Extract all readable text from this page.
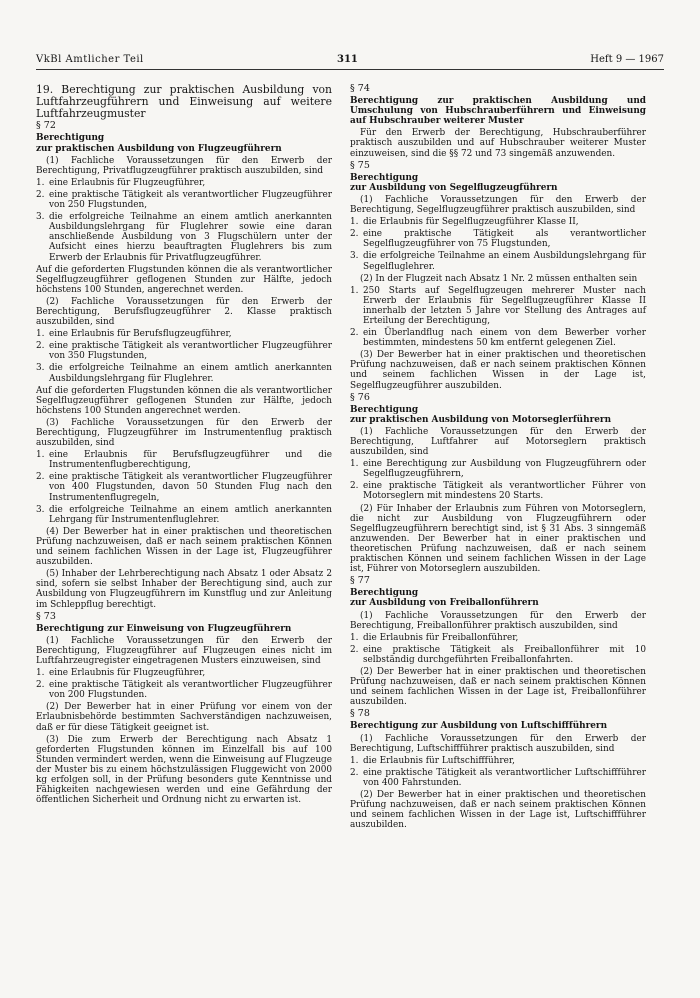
VkBl Amtlicher Teil	311	Heft 9 — 1967

19. Berechtigung zur praktischen Ausbildung von Luftfahrzeugführern und Einweisung auf weitere Luftfahrzeugmuster

§ 72

Berechtigung
zur praktischen Ausbildung von Flugzeugführern

(1) Fachliche Voraussetzungen für den Erwerb der Berechtigung, Privatflugzeugführer praktisch auszubilden, sind

1. eine Erlaubnis für Flugzeugführer,
2. eine praktische Tätigkeit als verantwortlicher Flugzeugführer von 250 Flugstunden,
3. die erfolgreiche Teilnahme an einem amtlich anerkannten Ausbildungslehrgang für Fluglehrer sowie eine daran anschließende Ausbildung von 3 Flugschülern unter der Aufsicht eines hierzu beauftragten Fluglehrers bis zum Erwerb der Erlaubnis für Privatflugzeugführer.

Auf die geforderten Flugstunden können die als verantwortlicher Segelflugzeugführer geflogenen Stunden zur Hälfte, jedoch höchstens 100 Stunden, angerechnet werden.

(2) Fachliche Voraussetzungen für den Erwerb der Berechtigung, Berufsflugzeugführer 2. Klasse praktisch auszubilden, sind

1. eine Erlaubnis für Berufsflugzeugführer,
2. eine praktische Tätigkeit als verantwortlicher Flugzeugführer von 350 Flugstunden,
3. die erfolgreiche Teilnahme an einem amtlich anerkannten Ausbildungslehrgang für Fluglehrer.

Auf die geforderten Flugstunden können die als verantwortlicher Segelflugzeugführer geflogenen Stunden zur Hälfte, jedoch höchstens 100 Stunden angerechnet werden.

(3) Fachliche Voraussetzungen für den Erwerb der Berechtigung, Flugzeugführer im Instrumentenflug praktisch auszubilden, sind

1. eine Erlaubnis für Berufsflugzeugführer und die Instrumentenflugberechtigung,
2. eine praktische Tätigkeit als verantwortlicher Flugzeugführer von 400 Flugstunden, davon 50 Stunden Flug nach den Instrumentenflugregeln,
3. die erfolgreiche Teilnahme an einem amtlich anerkannten Lehrgang für Instrumentenfluglehrer.

(4) Der Bewerber hat in einer praktischen und theoretischen Prüfung nachzuweisen, daß er nach seinem praktischen Können und seinem fachlichen Wissen in der Lage ist, Flugzeugführer auszubilden.

(5) Inhaber der Lehrberechtigung nach Absatz 1 oder Absatz 2 sind, sofern sie selbst Inhaber der Berechtigung sind, auch zur Ausbildung von Flugzeugführern im Kunstflug und zur Anleitung im Schleppflug berechtigt.

§ 73

Berechtigung zur Einweisung von Flugzeugführern

(1) Fachliche Voraussetzungen für den Erwerb der Berechtigung, Flugzeugführer auf Flugzeugen eines nicht im Luftfahrzeugregister eingetragenen Musters einzuweisen, sind

1. eine Erlaubnis für Flugzeugführer,
2. eine praktische Tätigkeit als verantwortlicher Flugzeugführer von 200 Flugstunden.

(2) Der Bewerber hat in einer Prüfung vor einem von der Erlaubnisbehörde bestimmten Sachverständigen nachzuweisen, daß er für diese Tätigkeit geeignet ist.

(3) Die zum Erwerb der Berechtigung nach Absatz 1 geforderten Flugstunden können im Einzelfall bis auf 100 Stunden vermindert werden, wenn die Einweisung auf Flugzeuge der Muster bis zu einem höchstzulässigen Fluggewicht von 2000 kg erfolgen soll, in der Prüfung besonders gute Kenntnisse und Fähigkeiten nachgewiesen werden und eine Gefährdung der öffentlichen Sicherheit und Ordnung nicht zu erwarten ist.

§ 74

Berechtigung zur praktischen Ausbildung und Umschulung von Hubschrauberführern und Einweisung auf Hubschrauber weiterer Muster

Für den Erwerb der Berechtigung, Hubschrauberführer praktisch auszubilden und auf Hubschrauber weiterer Muster einzuweisen, sind die §§ 72 und 73 singemäß anzuwenden.

§ 75

Berechtigung
zur Ausbildung von Segelflugzeugführern

(1) Fachliche Voraussetzungen für den Erwerb der Berechtigung, Segelflugzeugführer praktisch auszubilden, sind

1. die Erlaubnis für Segelflugzeugführer Klasse II,
2. eine praktische Tätigkeit als verantwortlicher Segelflugzeugführer von 75 Flugstunden,
3. die erfolgreiche Teilnahme an einem Ausbildungslehrgang für Segelfluglehrer.

(2) In der Flugzeit nach Absatz 1 Nr. 2 müssen enthalten sein

1. 250 Starts auf Segelflugzeugen mehrerer Muster nach Erwerb der Erlaubnis für Segelflugzeugführer Klasse II innerhalb der letzten 5 Jahre vor Stellung des Antrages auf Erteilung der Berechtigung,
2. ein Überlandflug nach einem von dem Bewerber vorher bestimmten, mindestens 50 km entfernt gelegenen Ziel.

(3) Der Bewerber hat in einer praktischen und theoretischen Prüfung nachzuweisen, daß er nach seinem praktischen Können und seinem fachlichen Wissen in der Lage ist, Segelflugzeugführer auszubilden.

§ 76

Berechtigung
zur praktischen Ausbildung von Motorseglerführern

(1) Fachliche Voraussetzungen für den Erwerb der Berechtigung, Luftfahrer auf Motorseglern praktisch auszubilden, sind

1. eine Berechtigung zur Ausbildung von Flugzeugführern oder Segelflugzeugführern,
2. eine praktische Tätigkeit als verantwortlicher Führer von Motorseglern mit mindestens 20 Starts.

(2) Für Inhaber der Erlaubnis zum Führen von Motorseglern, die nicht zur Ausbildung von Flugzeugführern oder Segelflugzeugführern berechtigt sind, ist § 31 Abs. 3 sinngemäß anzuwenden. Der Bewerber hat in einer praktischen und theoretischen Prüfung nachzuweisen, daß er nach seinem praktischen Können und seinem fachlichen Wissen in der Lage ist, Führer von Motorseglern auszubilden.

§ 77

Berechtigung
zur Ausbildung von Freiballonführern

(1) Fachliche Voraussetzungen für den Erwerb der Berechtigung, Freiballonführer praktisch auszubilden, sind

1. die Erlaubnis für Freiballonführer,
2. eine praktische Tätigkeit als Freiballonführer mit 10 selbständig durchgeführten Freiballonfahrten.

(2) Der Bewerber hat in einer praktischen und theoretischen Prüfung nachzuweisen, daß er nach seinem praktischen Können und seinem fachlichen Wissen in der Lage ist, Freiballonführer auszubilden.

§ 78

Berechtigung zur Ausbildung von Luftschiffführern

(1) Fachliche Voraussetzungen für den Erwerb der Berechtigung, Luftschiffführer praktisch auszubilden, sind

1. die Erlaubnis für Luftschiffführer,
2. eine praktische Tätigkeit als verantwortlicher Luftschiffführer von 400 Fahrstunden.

(2) Der Bewerber hat in einer praktischen und theoretischen Prüfung nachzuweisen, daß er nach seinem praktischen Können und seinem fachlichen Wissen in der Lage ist, Luftschiffführer auszubilden.
